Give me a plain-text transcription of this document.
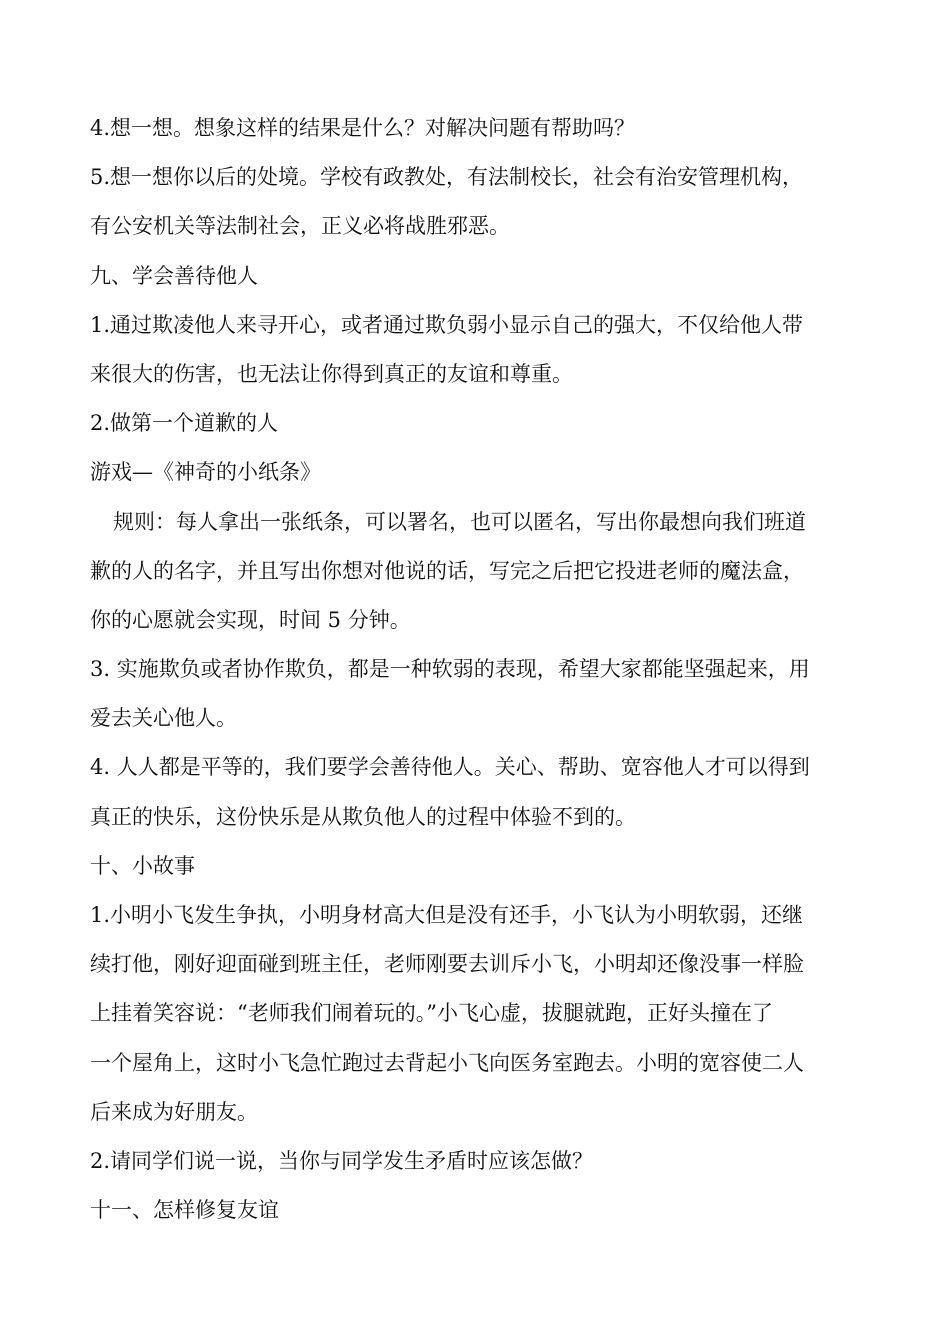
4.想一想。想象这样的结果是什么？对解决问题有帮助吗？
5.想一想你以后的处境。学校有政教处，有法制校长，社会有治安管理机构，
有公安机关等法制社会，正义必将战胜邪恶。
九、学会善待他人
1.通过欺凌他人来寻开心，或者通过欺负弱小显示自己的强大，不仅给他人带
来很大的伤害，也无法让你得到真正的友谊和尊重。
2.做第一个道歉的人
游戏—《神奇的小纸条》
规则：每人拿出一张纸条，可以署名，也可以匿名，写出你最想向我们班道
歉的人的名字，并且写出你想对他说的话，写完之后把它投进老师的魔法盒，
你的心愿就会实现，时间 5 分钟。
3. 实施欺负或者协作欺负，都是一种软弱的表现，希望大家都能坚强起来，用
爱去关心他人。
4. 人人都是平等的，我们要学会善待他人。关心、帮助、宽容他人才可以得到
真正的快乐，这份快乐是从欺负他人的过程中体验不到的。
十、小故事
1.小明小飞发生争执，小明身材高大但是没有还手，小飞认为小明软弱，还继
续打他，刚好迎面碰到班主任，老师刚要去训斥小飞，小明却还像没事一样脸
上挂着笑容说：“老师我们闹着玩的。”小飞心虚，拔腿就跑，正好头撞在了
一个屋角上，这时小飞急忙跑过去背起小飞向医务室跑去。小明的宽容使二人
后来成为好朋友。
2.请同学们说一说，当你与同学发生矛盾时应该怎做？
十一、怎样修复友谊
